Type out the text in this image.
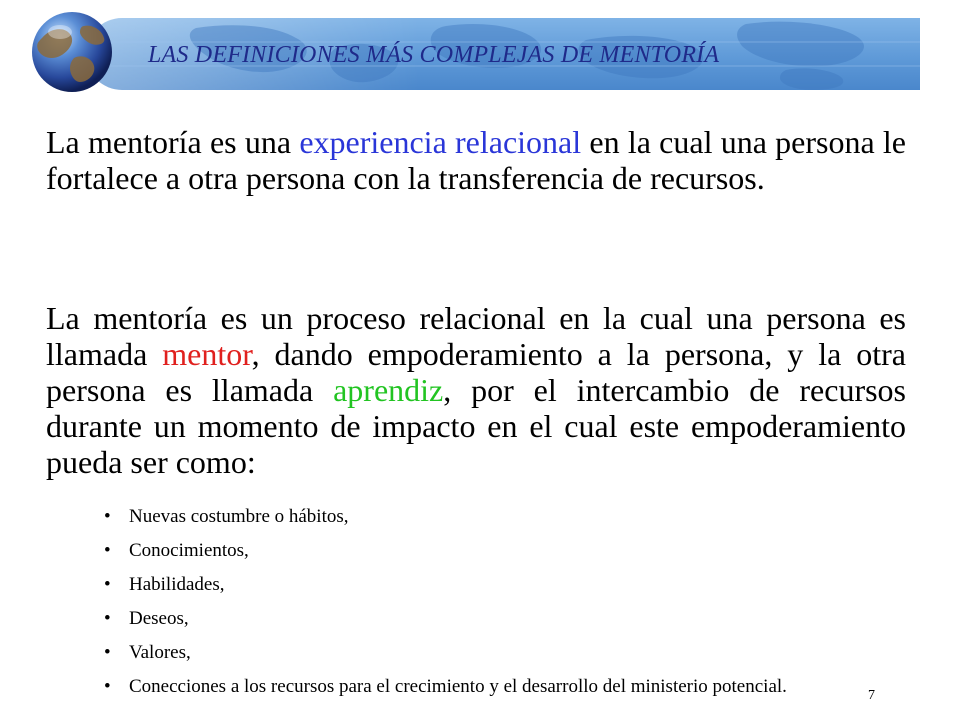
LAS DEFINICIONES MÁS COMPLEJAS DE MENTORÍA
La mentoría es una experiencia relacional en la cual una persona le fortalece a otra persona con la transferencia de recursos.
La mentoría es un proceso relacional en la cual una persona es llamada mentor, dando empoderamiento a la persona, y la otra persona es llamada aprendiz, por el intercambio de recursos durante un momento de impacto en el cual este empoderamiento pueda ser como:
• Nuevas costumbre o hábitos,
• Conocimientos,
• Habilidades,
• Deseos,
• Valores,
• Conecciones a los recursos para el crecimiento y el desarrollo del ministerio potencial.	7
